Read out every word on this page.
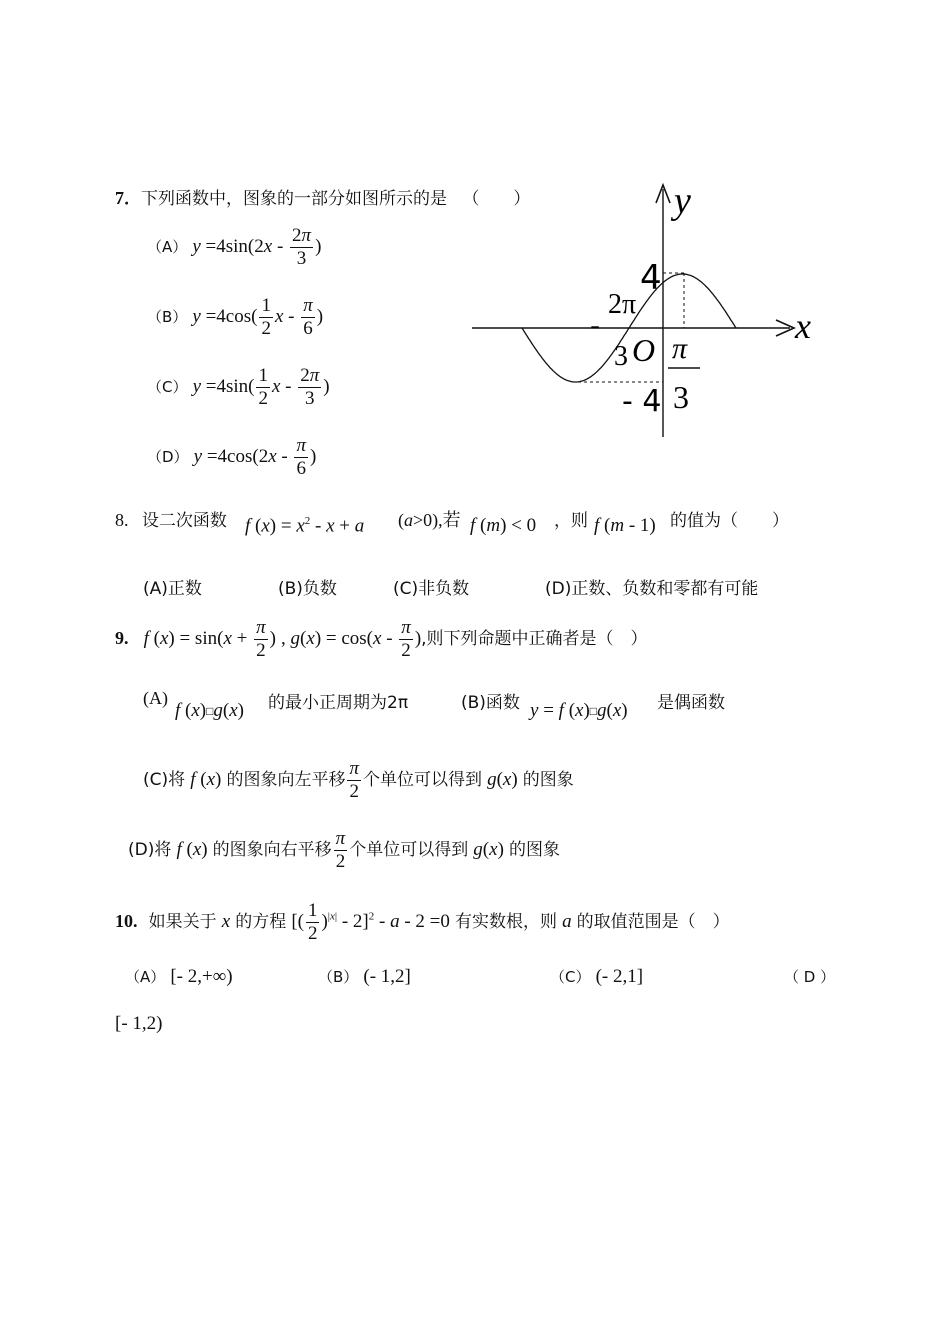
7．下列函数中，图象的一部分如图所示的是 （　　）
（A） $y =4\sin(2x - \frac{2\pi}{3}$ )
（B） $y =4\cos( \frac{1}{2}$ x - $\frac{\pi}{6}$ )
（C） $y =4\sin( \frac{1}{2}$ x - $\frac{2\pi}{3}$ )
（D） $y =4\cos(2x - \frac{\pi}{6}$ )
y
x
4
- 4
O
-
2π
3 π
3
8. 设二次函数 f $(x) = x^2 - x + a$ (a>0),若 f (m) < 0 ，则 f (m - 1) 的值为（　　）
(A)正数	(B)负数	(C)非负数	(D)正数、负数和零都有可能
9. f $(x) = \sin(x + \frac{\pi}{2}$ ) , $g(x) = \cos(x - \frac{\pi}{2}$ ),则下列命题中正确者是（　）
(A)
f (x)□g(x) 的最小正周期为2π	(B)函数 y = f (x)□g(x) 是偶函数
(C)将 f (x) 的图象向左平移 $\frac{\pi}{2}$ 个单位可以得到 g(x) 的图象
(D)将 f (x) 的图象向右平移 $\frac{\pi}{2}$ 个单位可以得到 g(x) 的图象
10. 如果关于 x 的方程 [( $\frac{1}{2} )^{|x|} - 2]^2 - a - 2 =0$ 有实数根，则 a 的取值范围是（　）
（A） [- 2,+∞)	（B） (- 1,2]	（C） (- 2,1]	（ D ）
[- 1,2)
